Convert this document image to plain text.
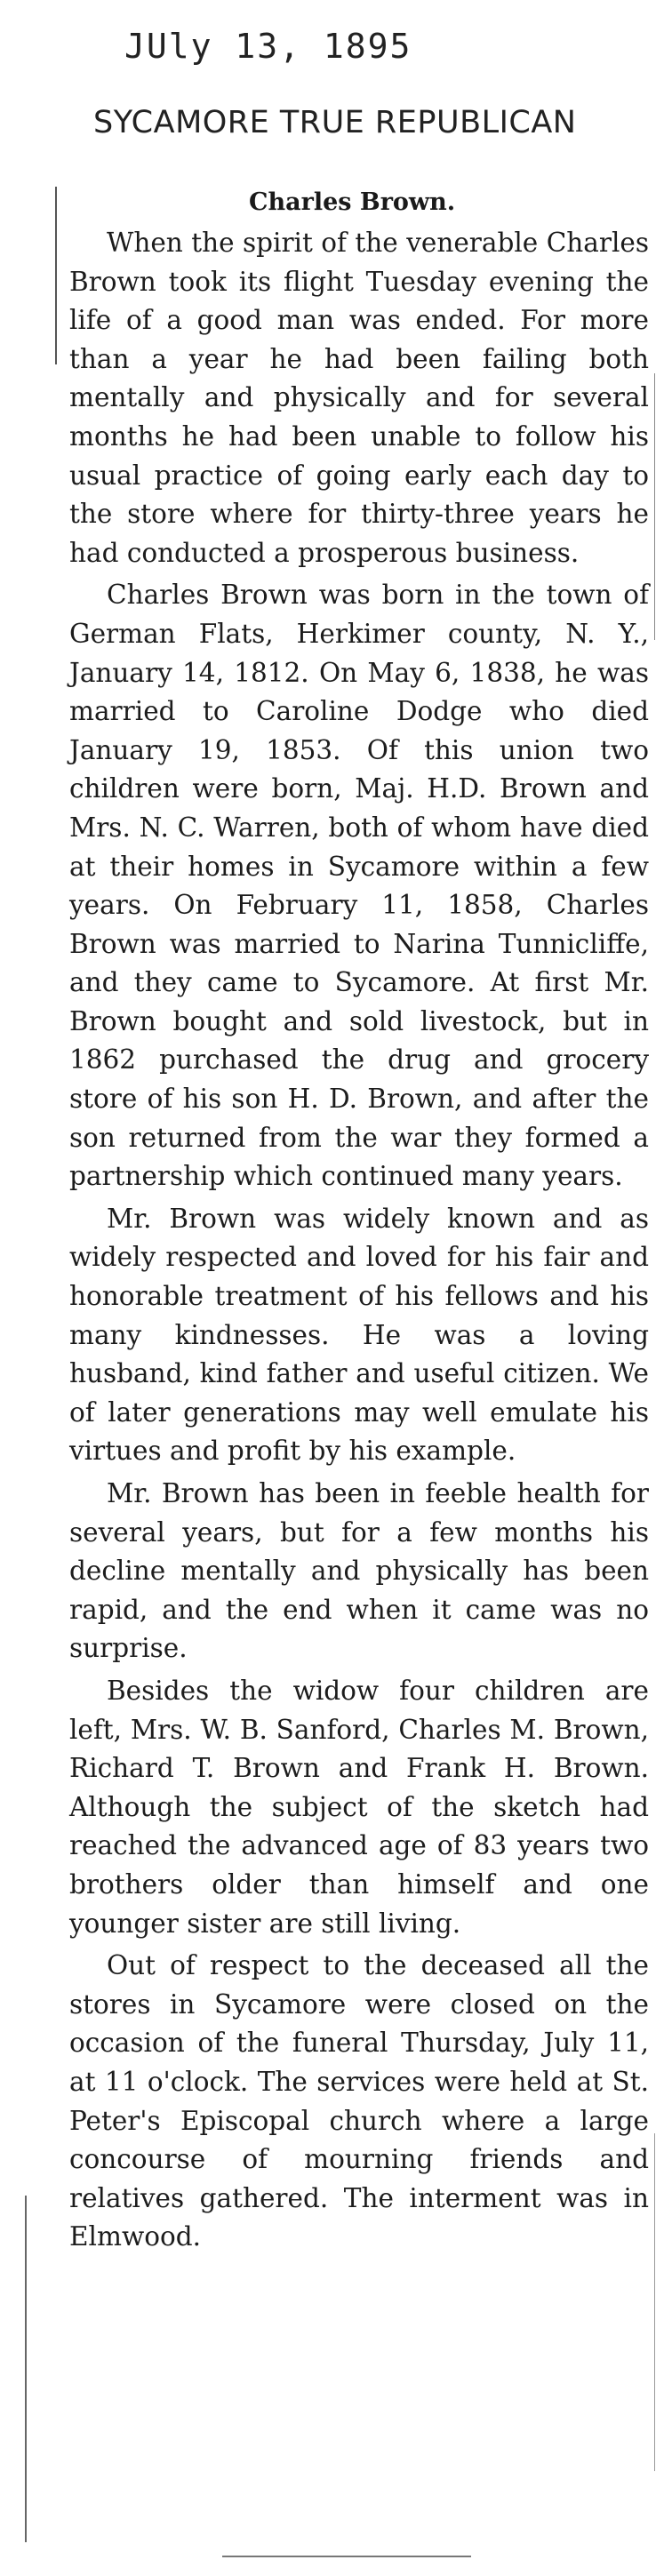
JUly 13, 1895
SYCAMORE TRUE REPUBLICAN
Charles Brown.

When the spirit of the venerable Charles Brown took its flight Tuesday evening the life of a good man was ended. For more than a year he had been failing both mentally and physically and for several months he had been unable to follow his usual practice of going early each day to the store where for thirty-three years he had conducted a prosperous business.

Charles Brown was born in the town of German Flats, Herkimer county, N. Y., January 14, 1812. On May 6, 1838, he was married to Caroline Dodge who died January 19, 1853. Of this union two children were born, Maj. H.D. Brown and Mrs. N. C. Warren, both of whom have died at their homes in Sycamore within a few years. On February 11, 1858, Charles Brown was married to Narina Tunnicliffe, and they came to Sycamore. At first Mr. Brown bought and sold livestock, but in 1862 purchased the drug and grocery store of his son H. D. Brown, and after the son returned from the war they formed a partnership which continued many years.

Mr. Brown was widely known and as widely respected and loved for his fair and honorable treatment of his fellows and his many kindnesses. He was a loving husband, kind father and useful citizen. We of later generations may well emulate his virtues and profit by his example.

Mr. Brown has been in feeble health for several years, but for a few months his decline mentally and physically has been rapid, and the end when it came was no surprise.

Besides the widow four children are left, Mrs. W. B. Sanford, Charles M. Brown, Richard T. Brown and Frank H. Brown. Although the subject of the sketch had reached the advanced age of 83 years two brothers older than himself and one younger sister are still living.

Out of respect to the deceased all the stores in Sycamore were closed on the occasion of the funeral Thursday, July 11, at 11 o'clock. The services were held at St. Peter's Episcopal church where a large concourse of mourning friends and relatives gathered. The interment was in Elmwood.
